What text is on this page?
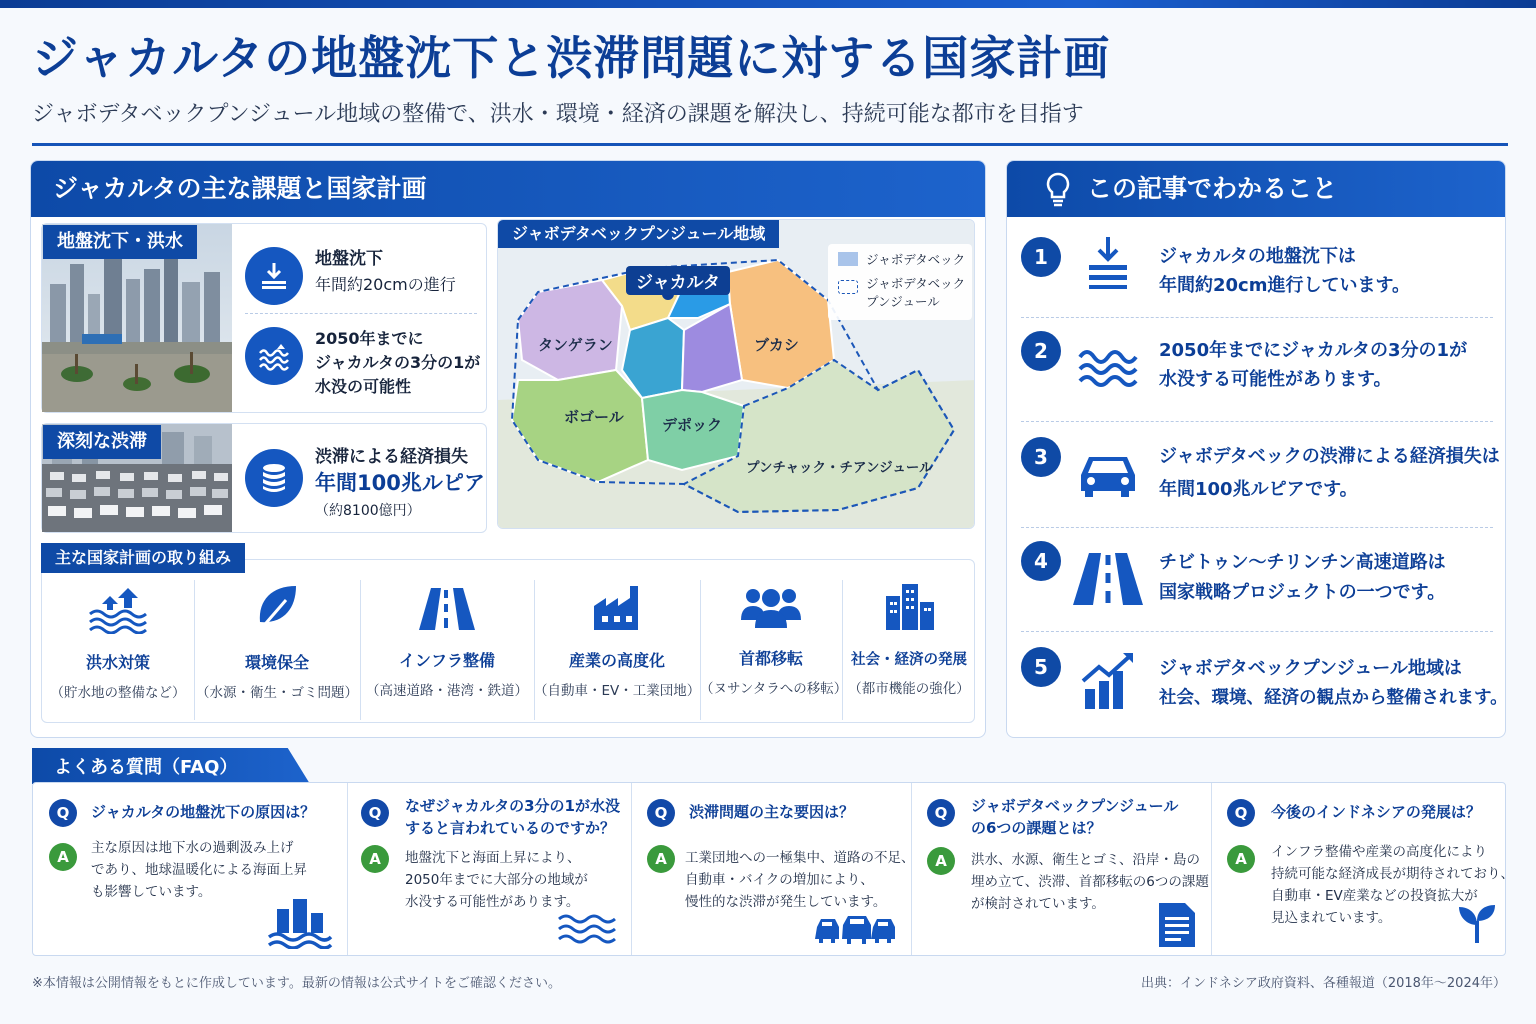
ジャカルタの地盤沈下と渋滞問題に対する国家計画
ジャボデタベックプンジュール地域の整備で、洪水・環境・経済の課題を解決し、持続可能な都市を目指す
ジャカルタの主な課題と国家計画
地盤沈下・洪水
地盤沈下
年間約20cmの進行
2050年までに
ジャカルタの3分の1が
水没の可能性
深刻な渋滞
渋滞による経済損失
年間100兆ルピア
（約8100億円）
ジャボデタベックプンジュール地域
ジャボデタベック
ジャボデタベック
プンジュール
ジャカルタ
タンゲラン	ブカシ
ボゴール	デポック
プンチャック・チアンジュール
洪水対策
（貯水地の整備など）
環境保全
（水源・衛生・ゴミ問題）
インフラ整備
（高速道路・港湾・鉄道）
産業の高度化
（自動車・EV・工業団地）
首都移転
（ヌサンタラへの移転）
社会・経済の発展
（都市機能の強化）
主な国家計画の取り組み
この記事でわかること
1	ジャカルタの地盤沈下は
年間約20cm進行しています。
2	2050年までにジャカルタの3分の1が
水没する可能性があります。
3	ジャボデタベックの渋滞による経済損失は
年間100兆ルピアです。
4	チビトゥン〜チリンチン高速道路は
国家戦略プロジェクトの一つです。
5	ジャボデタベックプンジュール地域は
社会、環境、経済の観点から整備されます。
よくある質問（FAQ）
Q	ジャカルタの地盤沈下の原因は？
A	主な原因は地下水の過剰汲み上げ
であり、地球温暖化による海面上昇
も影響しています。
Q	なぜジャカルタの3分の1が水没
すると言われているのですか？
A	地盤沈下と海面上昇により、
2050年までに大部分の地域が
水没する可能性があります。
Q	渋滞問題の主な要因は？
A	工業団地への一極集中、道路の不足、
自動車・バイクの増加により、
慢性的な渋滞が発生しています。
Q	ジャボデタベックプンジュール
の6つの課題とは？
A	洪水、水源、衛生とゴミ、沿岸・島の
埋め立て、渋滞、首都移転の6つの課題
が検討されています。
Q	今後のインドネシアの発展は？
A	インフラ整備や産業の高度化により
持続可能な経済成長が期待されており、
自動車・EV産業などの投資拡大が
見込まれています。
※本情報は公開情報をもとに作成しています。最新の情報は公式サイトをご確認ください。	出典：インドネシア政府資料、各種報道（2018年〜2024年）
